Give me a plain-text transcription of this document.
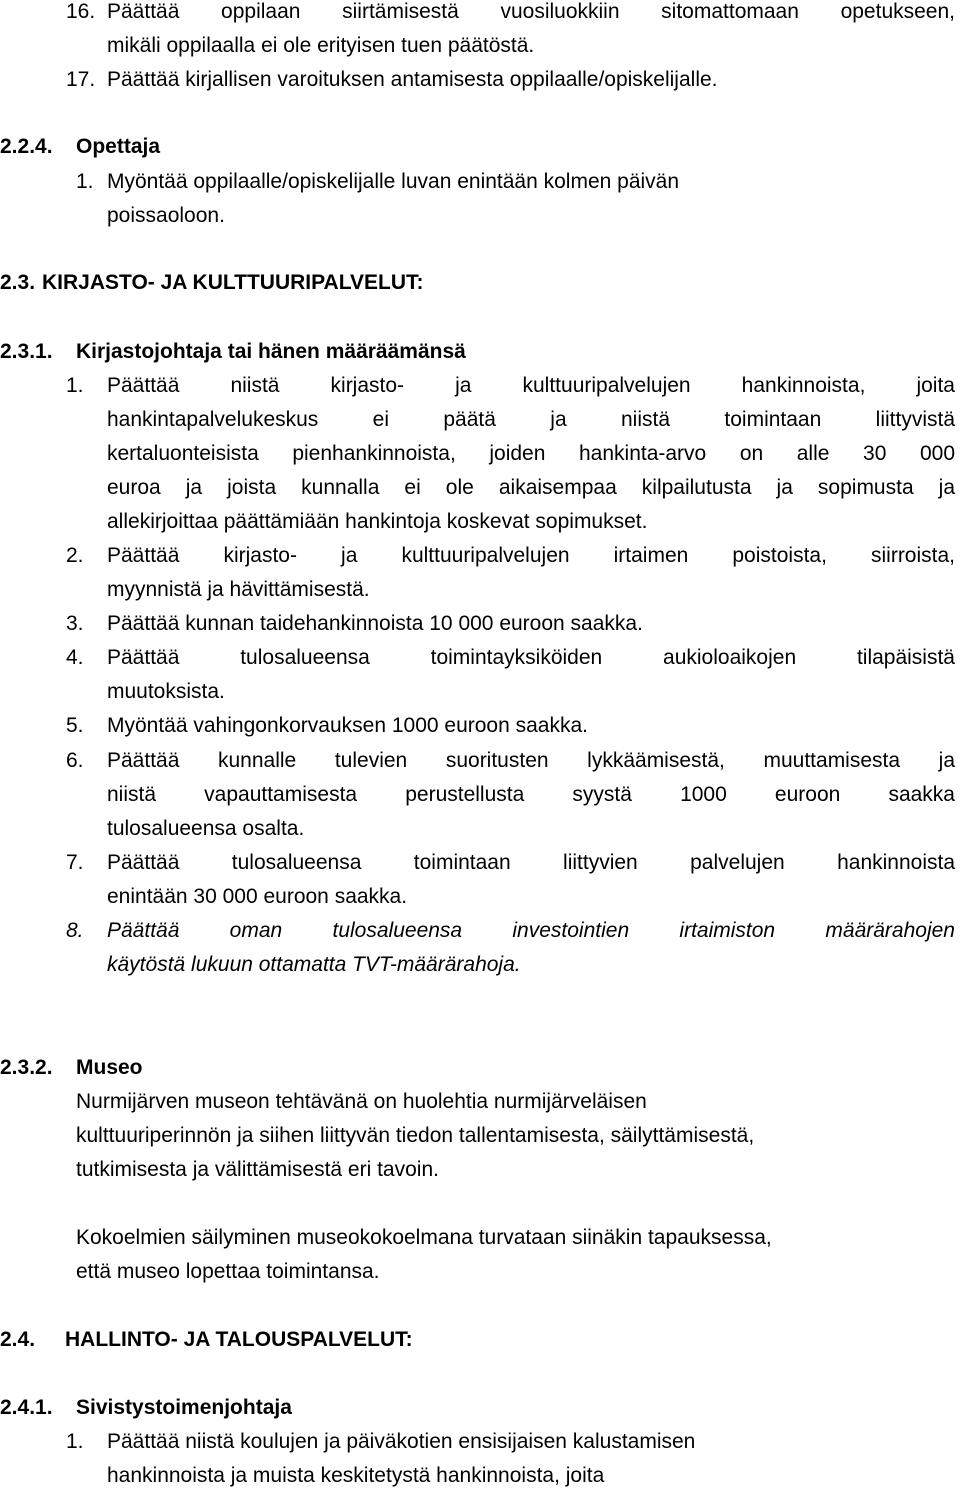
16. Päättää oppilaan siirtämisestä vuosiluokkiin sitomattomaan opetukseen,
mikäli oppilaalla ei ole erityisen tuen päätöstä.
17. Päättää kirjallisen varoituksen antamisesta oppilaalle/opiskelijalle.
2.2.4. Opettaja
1. Myöntää oppilaalle/opiskelijalle luvan enintään kolmen päivän
poissaoloon.
2.3. KIRJASTO- JA KULTTUURIPALVELUT:
2.3.1. Kirjastojohtaja tai hänen määräämänsä
1. Päättää niistä kirjasto- ja kulttuuripalvelujen hankinnoista, joita
hankintapalvelukeskus ei päätä ja niistä toimintaan liittyvistä
kertaluonteisista pienhankinnoista, joiden hankinta-arvo on alle 30 000
euroa ja joista kunnalla ei ole aikaisempaa kilpailutusta ja sopimusta ja
allekirjoittaa päättämiään hankintoja koskevat sopimukset.
2. Päättää kirjasto- ja kulttuuripalvelujen irtaimen poistoista, siirroista,
myynnistä ja hävittämisestä.
3. Päättää kunnan taidehankinnoista 10 000 euroon saakka.
4. Päättää tulosalueensa toimintayksiköiden aukioloaikojen tilapäisistä
muutoksista.
5. Myöntää vahingonkorvauksen 1000 euroon saakka.
6. Päättää kunnalle tulevien suoritusten lykkäämisestä, muuttamisesta ja
niistä vapauttamisesta perustellusta syystä 1000 euroon saakka
tulosalueensa osalta.
7. Päättää tulosalueensa toimintaan liittyvien palvelujen hankinnoista
enintään 30 000 euroon saakka.
8. Päättää oman tulosalueensa investointien irtaimiston määrärahojen
käytöstä lukuun ottamatta TVT-määrärahoja.
2.3.2. Museo
Nurmijärven museon tehtävänä on huolehtia nurmijärveläisen
kulttuuriperinnön ja siihen liittyvän tiedon tallentamisesta, säilyttämisestä,
tutkimisesta ja välittämisestä eri tavoin.
Kokoelmien säilyminen museokokoelmana turvataan siinäkin tapauksessa,
että museo lopettaa toimintansa.
2.4. HALLINTO- JA TALOUSPALVELUT:
2.4.1. Sivistystoimenjohtaja
1. Päättää niistä koulujen ja päiväkotien ensisijaisen kalustamisen
hankinnoista ja muista keskitetystä hankinnoista, joita
